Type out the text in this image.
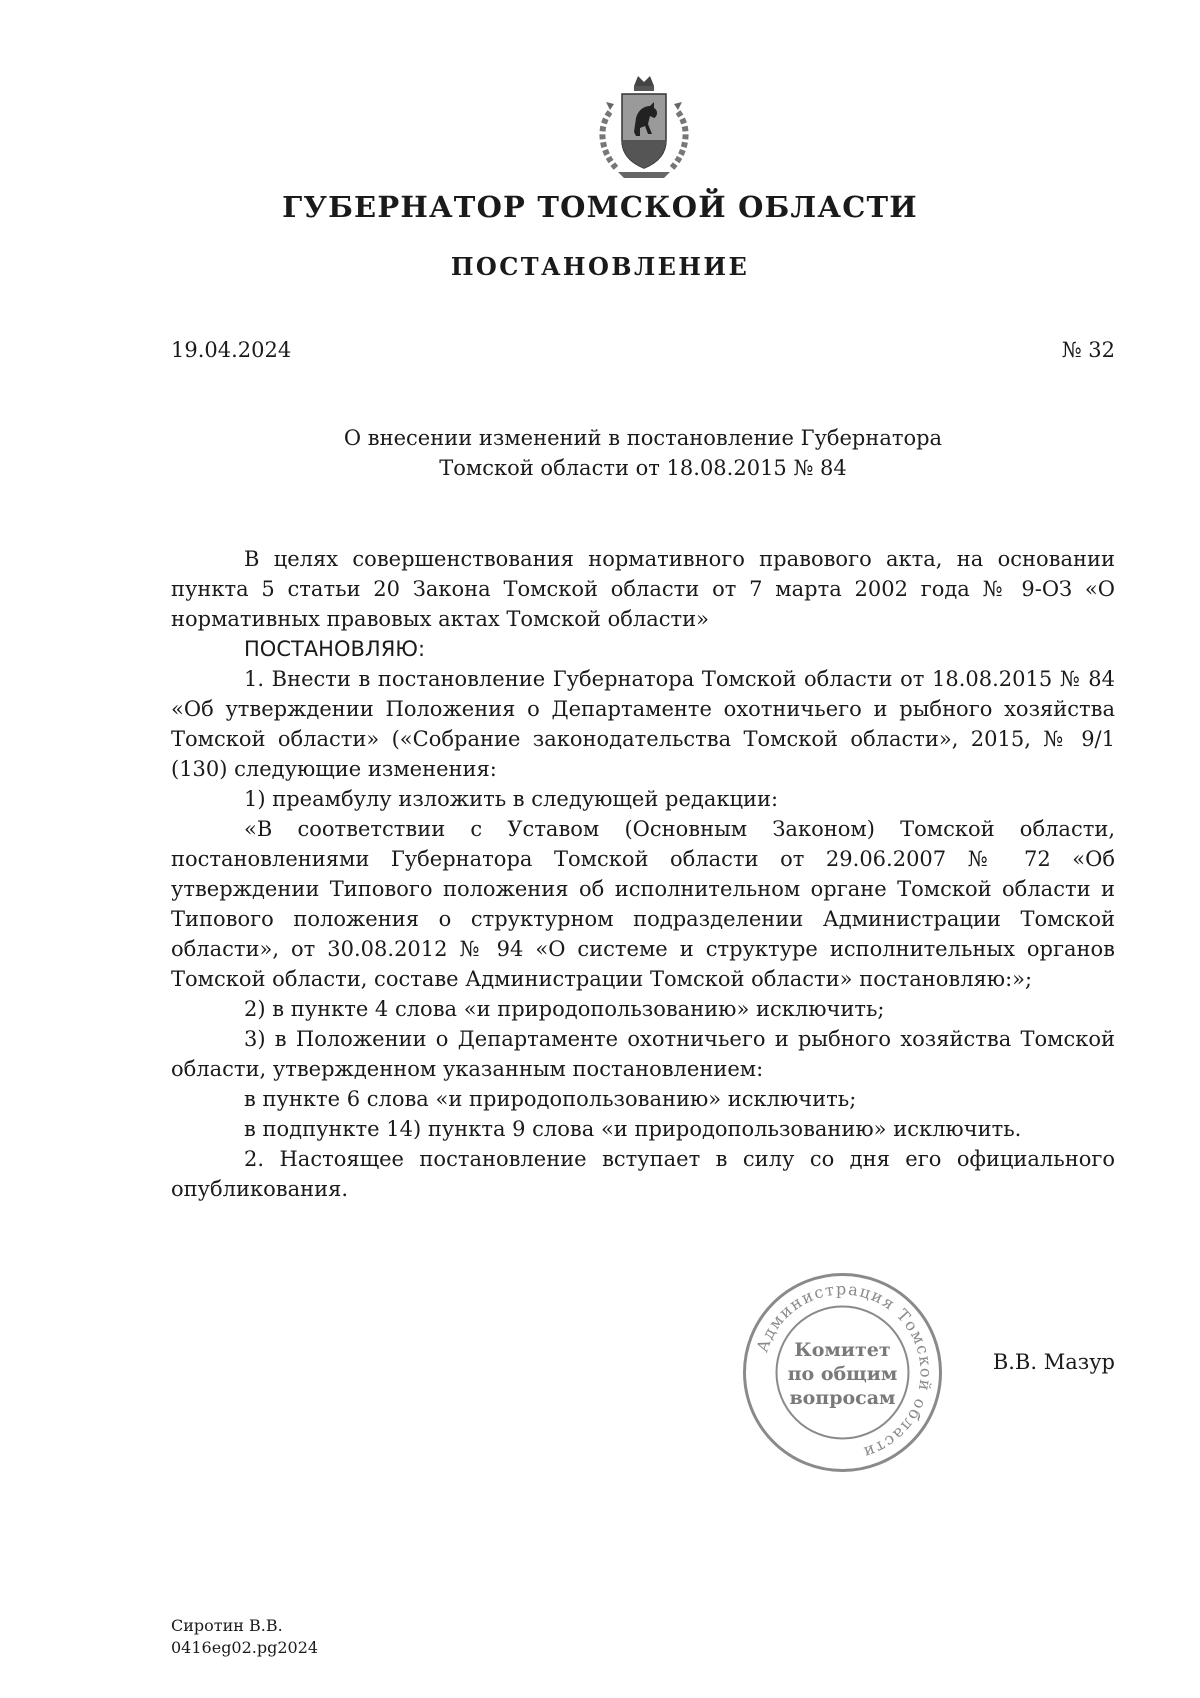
ГУБЕРНАТОР ТОМСКОЙ ОБЛАСТИ
ПОСТАНОВЛЕНИЕ
19.04.2024	№ 32
О внесении изменений в постановление Губернатора
Томской области от 18.08.2015 № 84

В целях совершенствования нормативного правового акта, на основании пункта 5 статьи 20 Закона Томской области от 7 марта 2002 года № 9-ОЗ «О нормативных правовых актах Томской области»

ПОСТАНОВЛЯЮ:

1. Внести в постановление Губернатора Томской области от 18.08.2015 № 84 «Об утверждении Положения о Департаменте охотничьего и рыбного хозяйства Томской области» («Собрание законодательства Томской области», 2015, № 9/1 (130) следующие изменения:

1) преамбулу изложить в следующей редакции:

«В соответствии с Уставом (Основным Законом) Томской области, постановлениями Губернатора Томской области от 29.06.2007 № 72 «Об утверждении Типового положения об исполнительном органе Томской области и Типового положения о структурном подразделении Администрации Томской области», от 30.08.2012 № 94 «О системе и структуре исполнительных органов Томской области, составе Администрации Томской области» постановляю:»;

2) в пункте 4 слова «и природопользованию» исключить;

3) в Положении о Департаменте охотничьего и рыбного хозяйства Томской области, утвержденном указанным постановлением:

в пункте 6 слова «и природопользованию» исключить;

в подпункте 14) пункта 9 слова «и природопользованию» исключить.

2. Настоящее постановление вступает в силу со дня его официального опубликования.

Администрация Томской области
Комитет
по общим
вопросам
В.В. Мазур
Сиротин В.В.
0416eg02.pg2024
